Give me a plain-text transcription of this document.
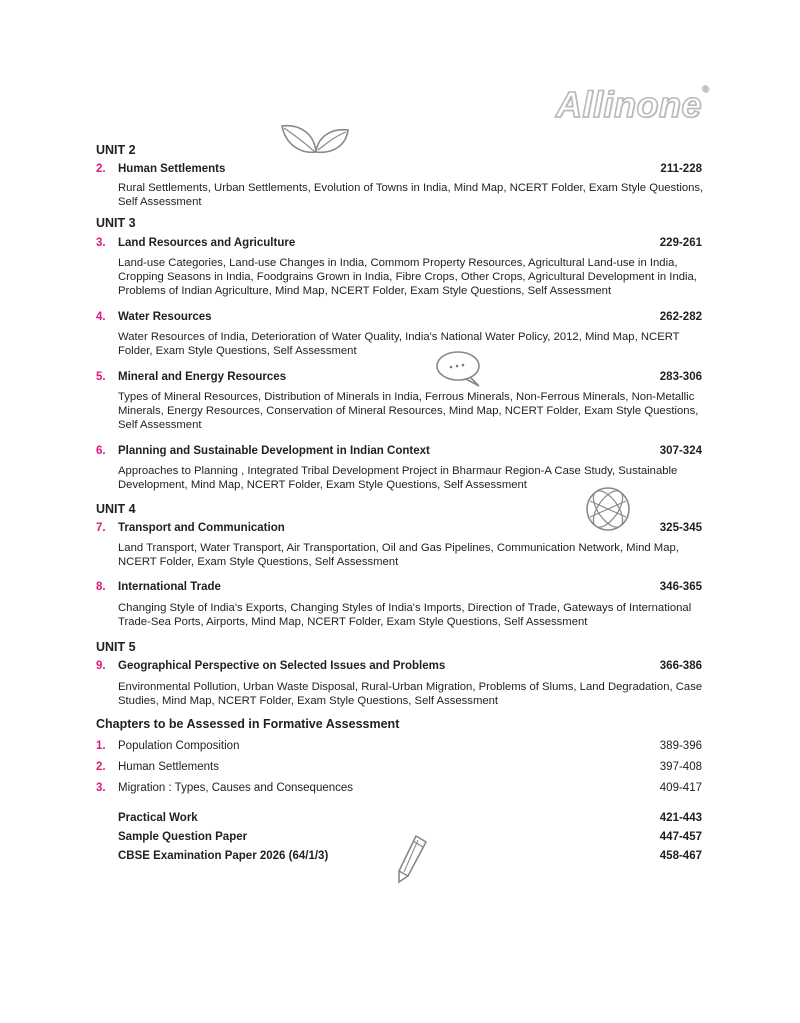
Allinone®
UNIT 2
2. Human Settlements	211-228
Rural Settlements, Urban Settlements, Evolution of Towns in India, Mind Map, NCERT Folder, Exam Style Questions, Self Assessment
UNIT 3
3. Land Resources and Agriculture	229-261
Land-use Categories, Land-use Changes in India, Commom Property Resources, Agricultural Land-use in India, Cropping Seasons in India, Foodgrains Grown in India, Fibre Crops, Other Crops, Agricultural Development in India, Problems of Indian Agriculture, Mind Map, NCERT Folder, Exam Style Questions, Self Assessment
4. Water Resources	262-282
Water Resources of India, Deterioration of Water Quality, India's National Water Policy, 2012, Mind Map, NCERT Folder, Exam Style Questions, Self Assessment
5. Mineral and Energy Resources	283-306
Types of Mineral Resources, Distribution of Minerals in India, Ferrous Minerals, Non-Ferrous Minerals, Non-Metallic Minerals, Energy Resources, Conservation of Mineral Resources, Mind Map, NCERT Folder, Exam Style Questions, Self Assessment
6. Planning and Sustainable Development in Indian Context	307-324
Approaches to Planning , Integrated Tribal Development Project in Bharmaur Region-A Case Study, Sustainable Development, Mind Map, NCERT Folder, Exam Style Questions, Self Assessment
UNIT 4
7. Transport and Communication	325-345
Land Transport, Water Transport, Air Transportation, Oil and Gas Pipelines, Communication Network, Mind Map, NCERT Folder, Exam Style Questions, Self Assessment
8. International Trade	346-365
Changing Style of India's Exports, Changing Styles of India's Imports, Direction of Trade, Gateways of International Trade-Sea Ports, Airports, Mind Map, NCERT Folder, Exam Style Questions, Self Assessment
UNIT 5
9. Geographical Perspective on Selected Issues and Problems	366-386
Environmental Pollution, Urban Waste Disposal, Rural-Urban Migration, Problems of Slums, Land Degradation, Case Studies, Mind Map, NCERT Folder, Exam Style Questions, Self Assessment
Chapters to be Assessed in Formative Assessment
1. Population Composition	389-396
2. Human Settlements	397-408
3. Migration : Types, Causes and Consequences	409-417
Practical Work	421-443
Sample Question Paper	447-457
CBSE Examination Paper 2026 (64/1/3)	458-467
